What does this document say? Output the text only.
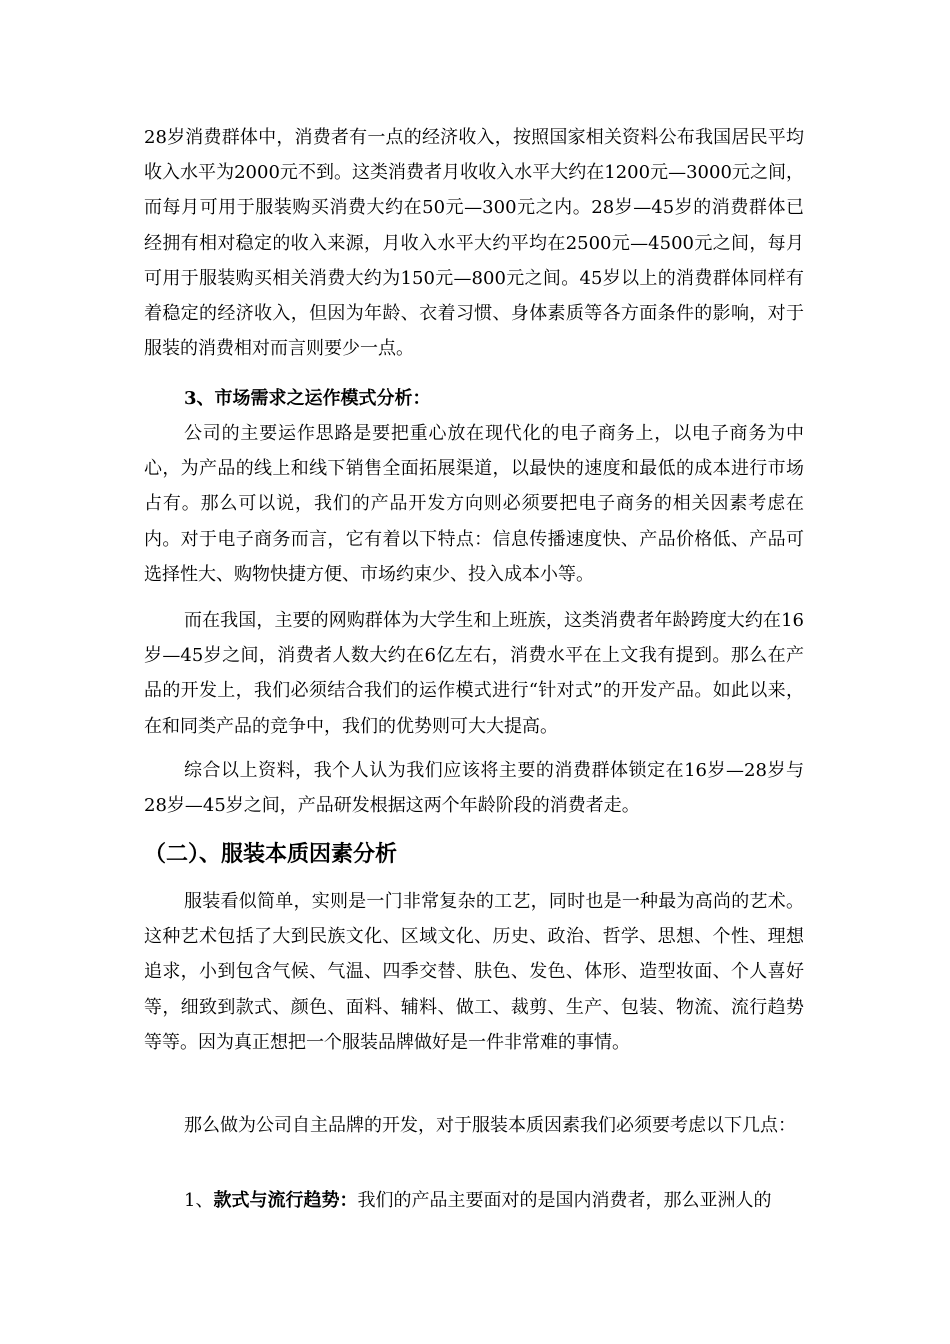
28岁消费群体中，消费者有一点的经济收入，按照国家相关资料公布我国居民平均收入水平为2000元不到。这类消费者月收收入水平大约在1200元—3000元之间，而每月可用于服装购买消费大约在50元—300元之内。28岁—45岁的消费群体已经拥有相对稳定的收入来源，月收入水平大约平均在2500元—4500元之间，每月可用于服装购买相关消费大约为150元—800元之间。45岁以上的消费群体同样有着稳定的经济收入，但因为年龄、衣着习惯、身体素质等各方面条件的影响，对于服装的消费相对而言则要少一点。

3、市场需求之运作模式分析：

公司的主要运作思路是要把重心放在现代化的电子商务上，以电子商务为中心，为产品的线上和线下销售全面拓展渠道，以最快的速度和最低的成本进行市场占有。那么可以说，我们的产品开发方向则必须要把电子商务的相关因素考虑在内。对于电子商务而言，它有着以下特点：信息传播速度快、产品价格低、产品可选择性大、购物快捷方便、市场约束少、投入成本小等。

而在我国，主要的网购群体为大学生和上班族，这类消费者年龄跨度大约在16岁—45岁之间，消费者人数大约在6亿左右，消费水平在上文我有提到。那么在产品的开发上，我们必须结合我们的运作模式进行“针对式”的开发产品。如此以来，在和同类产品的竞争中，我们的优势则可大大提高。

综合以上资料，我个人认为我们应该将主要的消费群体锁定在16岁—28岁与28岁—45岁之间，产品研发根据这两个年龄阶段的消费者走。

（二）、服装本质因素分析

服装看似简单，实则是一门非常复杂的工艺，同时也是一种最为高尚的艺术。这种艺术包括了大到民族文化、区域文化、历史、政治、哲学、思想、个性、理想追求，小到包含气候、气温、四季交替、肤色、发色、体形、造型妆面、个人喜好等，细致到款式、颜色、面料、辅料、做工、裁剪、生产、包装、物流、流行趋势等等。因为真正想把一个服装品牌做好是一件非常难的事情。

那么做为公司自主品牌的开发，对于服装本质因素我们必须要考虑以下几点：

1、款式与流行趋势：我们的产品主要面对的是国内消费者，那么亚洲人的
